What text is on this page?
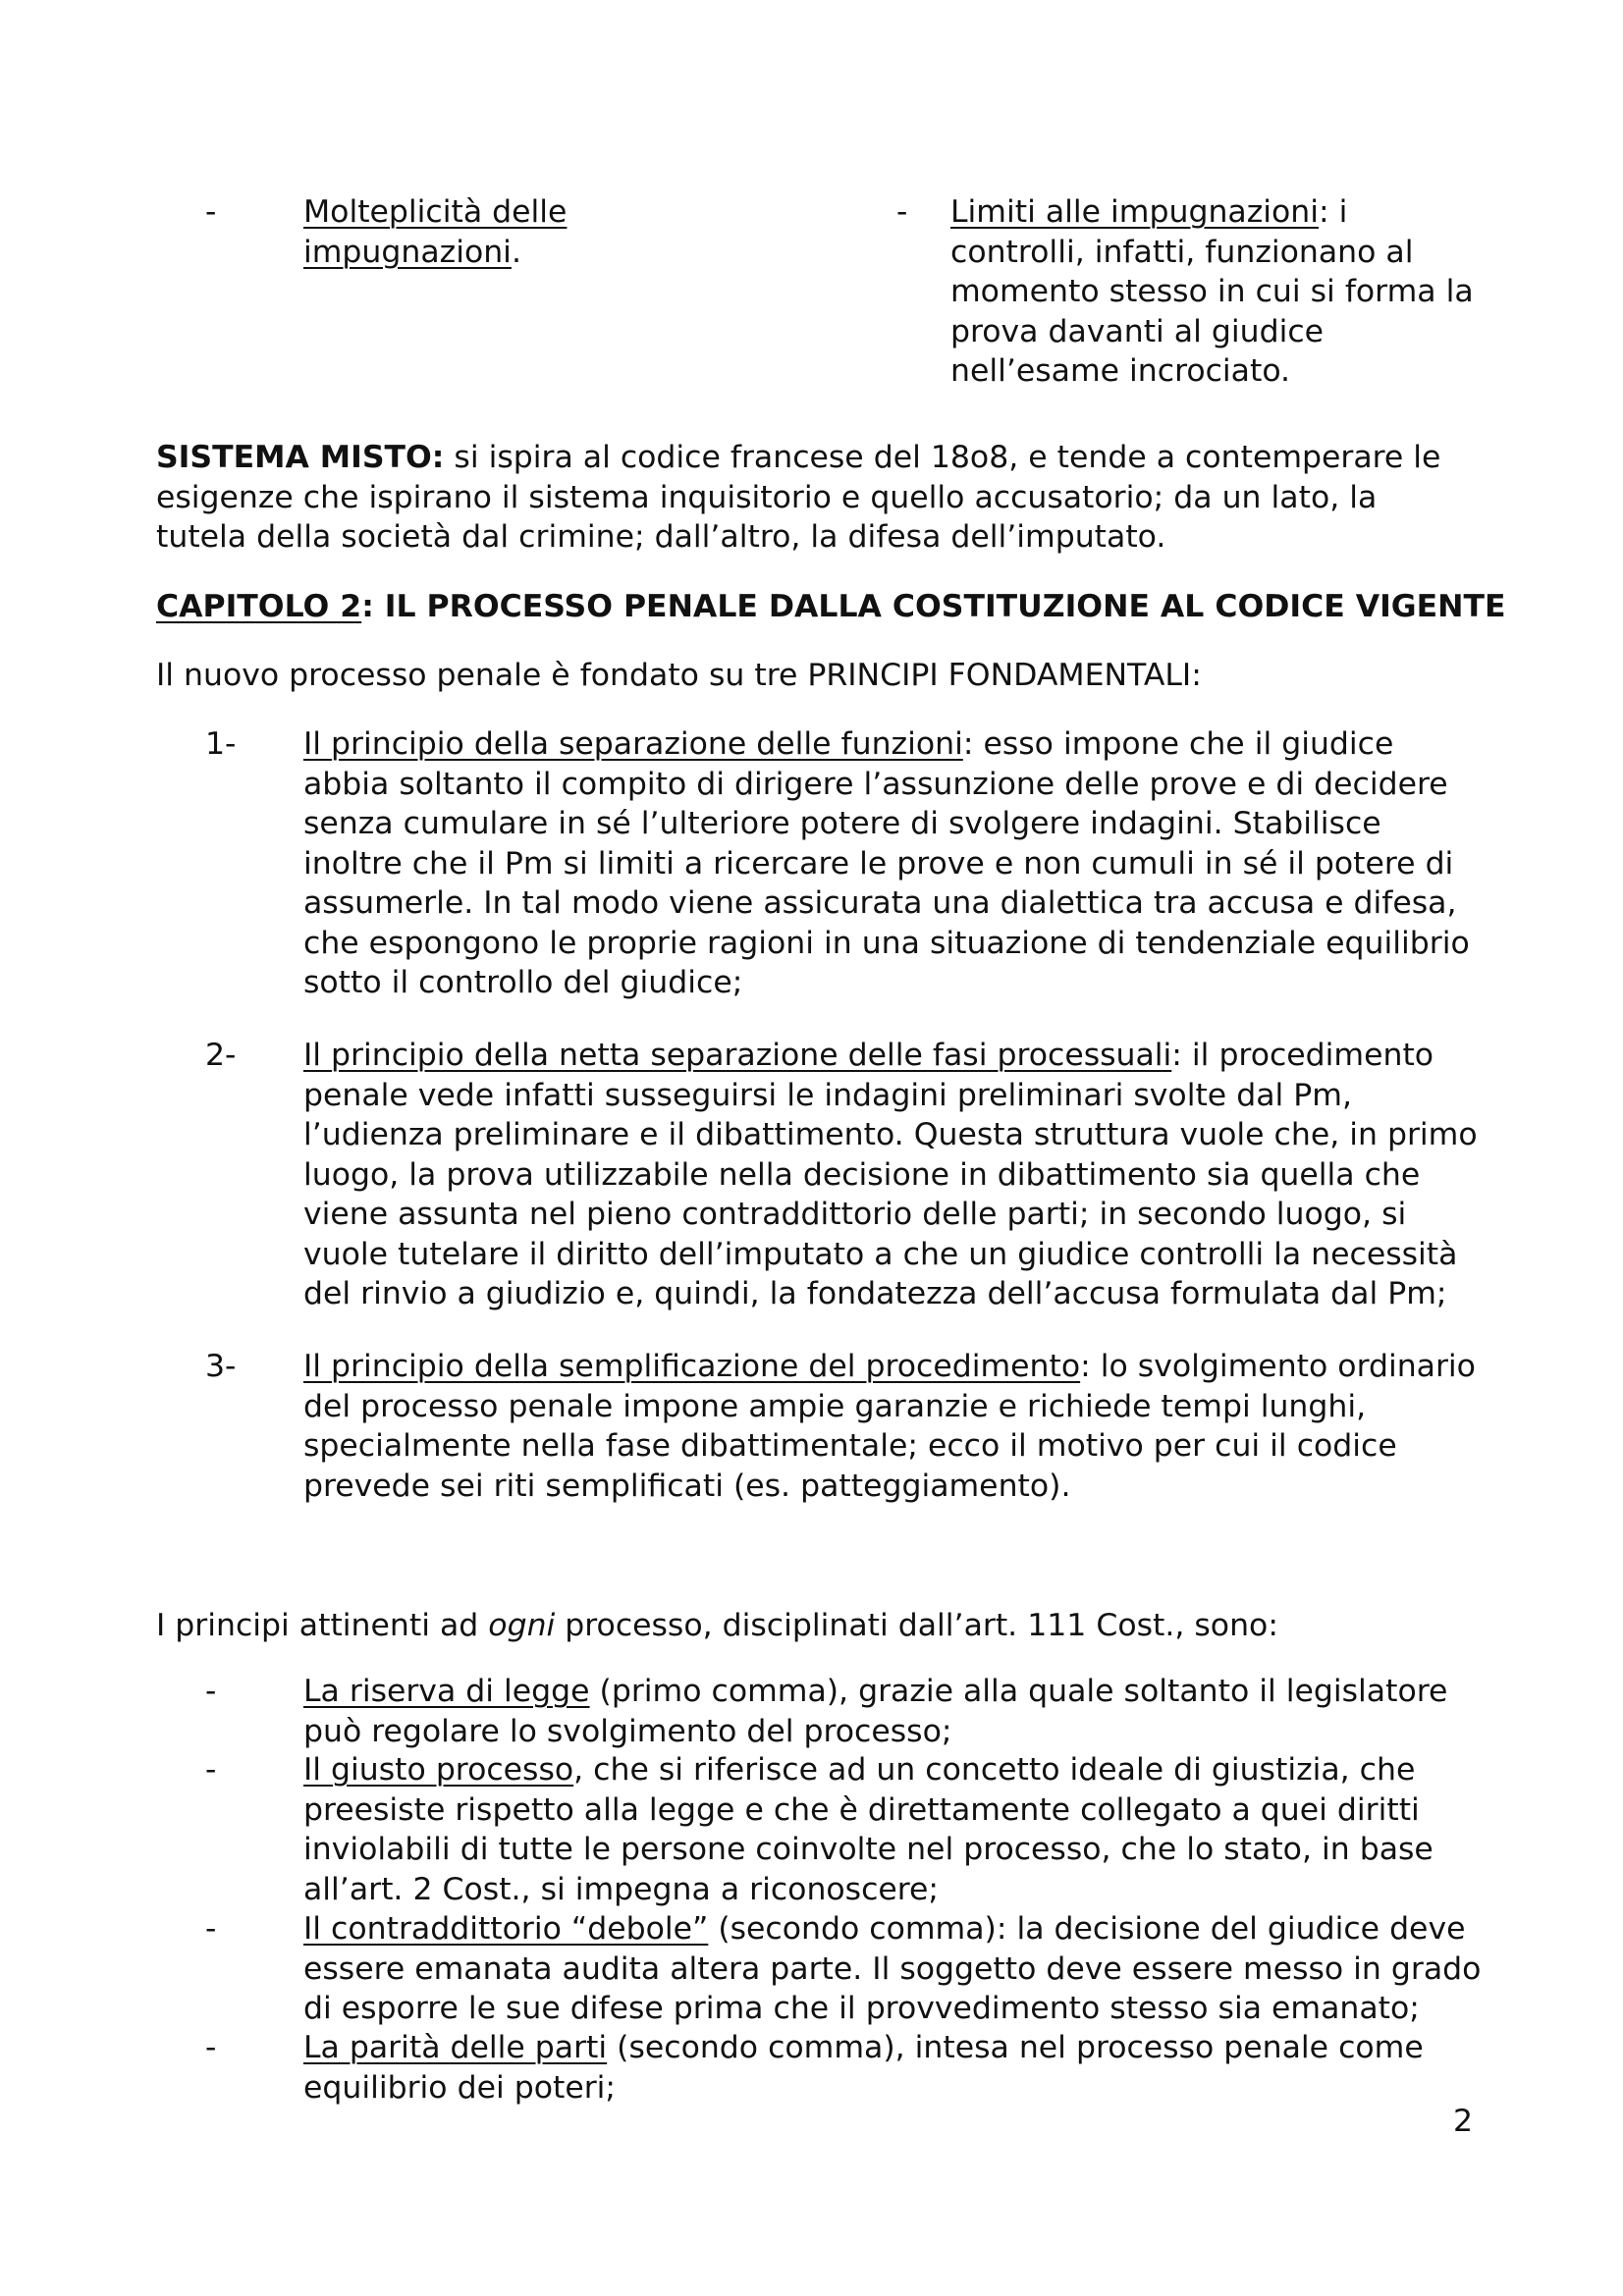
-	Molteplicità delle impugnazioni.
-	Limiti alle impugnazioni: i controlli, infatti, funzionano al momento stesso in cui si forma la prova davanti al giudice nell’esame incrociato.

SISTEMA MISTO: si ispira al codice francese del 18o8, e tende a contemperare le esigenze che ispirano il sistema inquisitorio e quello accusatorio; da un lato, la tutela della società dal crimine; dall’altro, la difesa dell’imputato.

CAPITOLO 2: IL PROCESSO PENALE DALLA COSTITUZIONE AL CODICE VIGENTE

Il nuovo processo penale è fondato su tre PRINCIPI FONDAMENTALI:

1-	Il principio della separazione delle funzioni: esso impone che il giudice abbia soltanto il compito di dirigere l’assunzione delle prove e di decidere senza cumulare in sé l’ulteriore potere di svolgere indagini. Stabilisce inoltre che il Pm si limiti a ricercare le prove e non cumuli in sé il potere di assumerle. In tal modo viene assicurata una dialettica tra accusa e difesa, che espongono le proprie ragioni in una situazione di tendenziale equilibrio sotto il controllo del giudice;
2-	Il principio della netta separazione delle fasi processuali: il procedimento penale vede infatti susseguirsi le indagini preliminari svolte dal Pm, l’udienza preliminare e il dibattimento. Questa struttura vuole che, in primo luogo, la prova utilizzabile nella decisione in dibattimento sia quella che viene assunta nel pieno contraddittorio delle parti; in secondo luogo, si vuole tutelare il diritto dell’imputato a che un giudice controlli la necessità del rinvio a giudizio e, quindi, la fondatezza dell’accusa formulata dal Pm;
3-	Il principio della semplificazione del procedimento: lo svolgimento ordinario del processo penale impone ampie garanzie e richiede tempi lunghi, specialmente nella fase dibattimentale; ecco il motivo per cui il codice prevede sei riti semplificati (es. patteggiamento).

I principi attinenti ad ogni processo, disciplinati dall’art. 111 Cost., sono:

-	La riserva di legge (primo comma), grazie alla quale soltanto il legislatore può regolare lo svolgimento del processo;
-	Il giusto processo, che si riferisce ad un concetto ideale di giustizia, che preesiste rispetto alla legge e che è direttamente collegato a quei diritti inviolabili di tutte le persone coinvolte nel processo, che lo stato, in base all’art. 2 Cost., si impegna a riconoscere;
-	Il contraddittorio “debole” (secondo comma): la decisione del giudice deve essere emanata audita altera parte. Il soggetto deve essere messo in grado di esporre le sue difese prima che il provvedimento stesso sia emanato;
-	La parità delle parti (secondo comma), intesa nel processo penale come equilibrio dei poteri;
2
